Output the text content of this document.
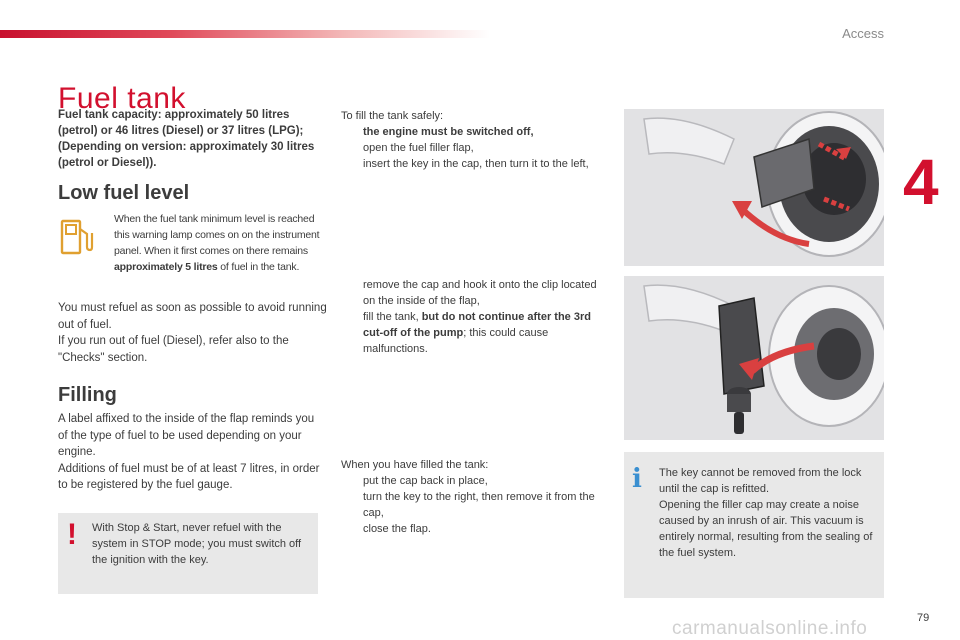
Access
4
Fuel tank
Fuel tank capacity: approximately 50 litres (petrol) or 46 litres (Diesel) or 37 litres (LPG); (Depending on version: approximately 30 litres (petrol or Diesel)).
Low fuel level
When the fuel tank minimum level is reached this warning lamp comes on on the instrument panel. When it first comes on there remains approximately 5 litres of fuel in the tank.

You must refuel as soon as possible to avoid running out of fuel.

If you run out of fuel (Diesel), refer also to the "Checks" section.

Filling

A label affixed to the inside of the flap reminds you of the type of fuel to be used depending on your engine.

Additions of fuel must be of at least 7 litres, in order to be registered by the fuel gauge.

! With Stop & Start, never refuel with the system in STOP mode; you must switch off the ignition with the key.
To fill the tank safely:
the engine must be switched off,
open the fuel filler flap,
insert the key in the cap, then turn it to the left,
remove the cap and hook it onto the clip located on the inside of the flap,
fill the tank, but do not continue after the 3rd cut-off of the pump; this could cause malfunctions.
When you have filled the tank:
put the cap back in place,
turn the key to the right, then remove it from the cap,
close the flap.
i The key cannot be removed from the lock until the cap is refitted.

Opening the filler cap may create a noise caused by an inrush of air. This vacuum is entirely normal, resulting from the sealing of the fuel system.

79
carmanualsonline.info
